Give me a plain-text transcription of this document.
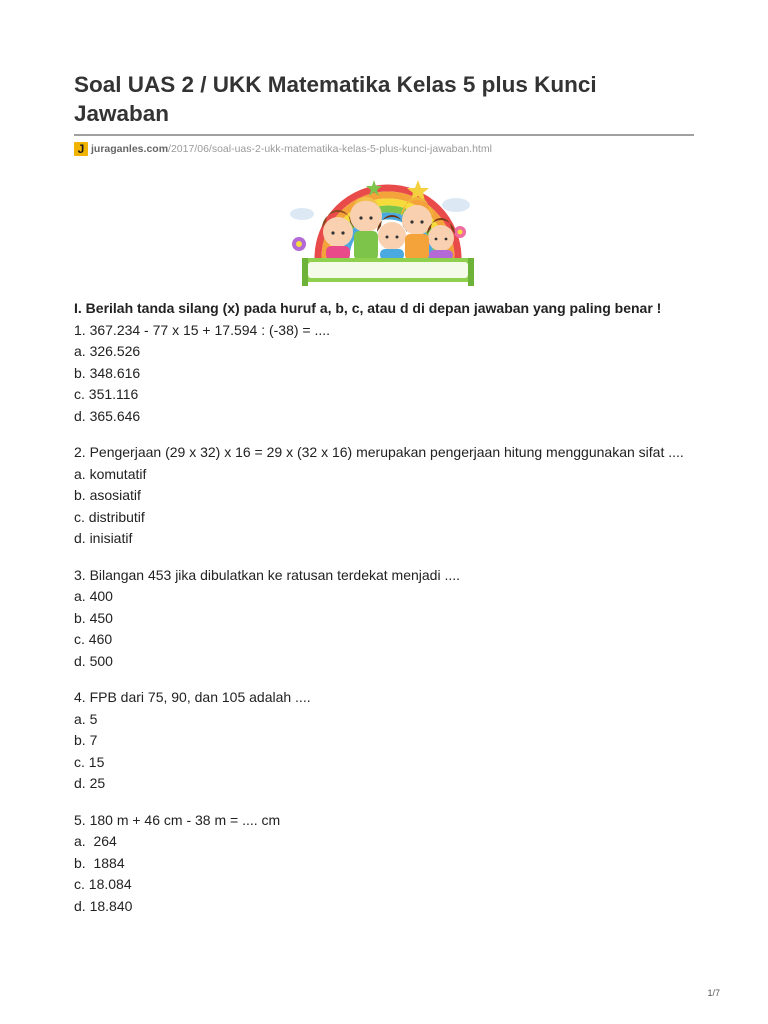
Soal UAS 2 / UKK Matematika Kelas 5 plus Kunci Jawaban
J juraganles.com /2017/06/soal-uas-2-ukk-matematika-kelas-5-plus-kunci-jawaban.html

I. Berilah tanda silang (x) pada huruf a, b, c, atau d di depan jawaban yang paling benar !

1. 367.234 - 77 x 15 + 17.594 : (-38) = ....

a. 326.526

b. 348.616

c. 351.116

d. 365.646

2. Pengerjaan (29 x 32) x 16 = 29 x (32 x 16) merupakan pengerjaan hitung menggunakan sifat ....

a. komutatif

b. asosiatif

c. distributif

d. inisiatif

3. Bilangan 453 jika dibulatkan ke ratusan terdekat menjadi ....

a. 400

b. 450

c. 460

d. 500

4. FPB dari 75, 90, dan 105 adalah ....

a. 5

b. 7

c. 15

d. 25

5. 180 m + 46 cm - 38 m = .... cm

a.  264

b.  1884

c. 18.084

d. 18.840

1/7
